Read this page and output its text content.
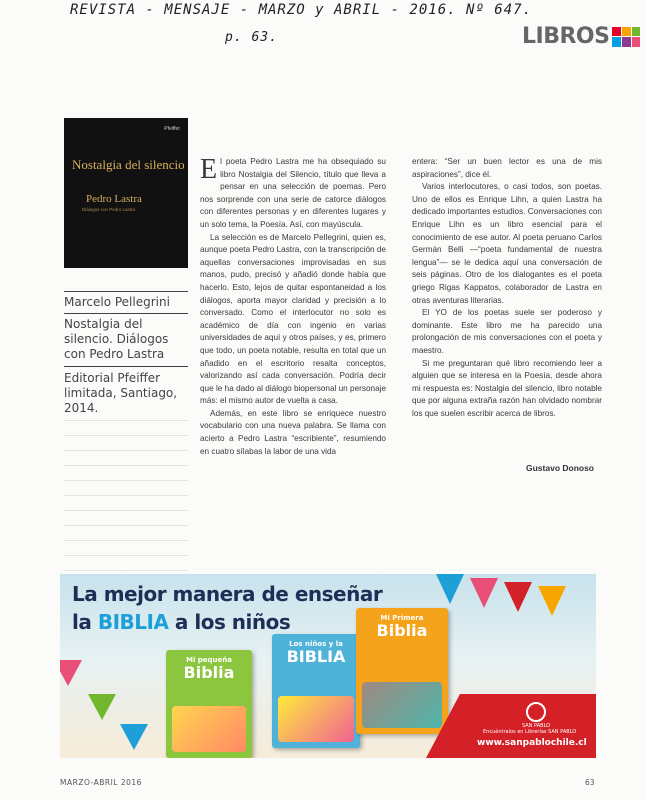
REVISTA - MENSAJE - MARZO y ABRIL - 2016. Nº 647.
p. 63.	LIBROS
Pfeiffer
Nostalgia del silencio
Pedro Lastra
Diálogos con Pedro Lastra
Marcelo Pellegrini
Nostalgia del silencio. Diálogos con Pedro Lastra
Editorial Pfeiffer limitada, Santiago, 2014.

El poeta Pedro Lastra me ha obsequiado su libro Nostalgia del Silencio, título que lleva a pensar en una selección de poemas. Pero nos sorprende con una serie de catorce diálogos con diferentes personas y en diferentes lugares y un solo tema, la Poesía. Así, con mayúscula.

La selección es de Marcelo Pellegrini, quien es, aunque poeta Pedro Lastra, con la transcripción de aquellas conversaciones improvisadas en sus manos, pudo, precisó y añadió donde había que hacerlo. Esto, lejos de quitar espontaneidad a los diálogos, aporta mayor claridad y precisión a lo conversado. Como el interlocutor no solo es académico de día con ingenio en varias universidades de aquí y otros países, y es, primero que todo, un poeta notable, resulta en total que un añadido en el escritorio resalta conceptos, valorizando así cada conversación. Podría decir que le ha dado al diálogo biopersonal un personaje más: el mismo autor de vuelta a casa.

Además, en este libro se enriquece nuestro vocabulario con una nueva palabra. Se llama con acierto a Pedro Lastra “escribiente”, resumiendo en cuatro sílabas la labor de una vida

entera: “Ser un buen lector es una de mis aspiraciones”, dice él.

Varios interlocutores, o casi todos, son poetas. Uno de ellos es Enrique Lihn, a quien Lastra ha dedicado importantes estudios. Conversaciones con Enrique Lihn es un libro esencial para el conocimiento de ese autor. Al poeta peruano Carlos Germán Belli —“poeta fundamental de nuestra lengua”— se le dedica aquí una conversación de seis páginas. Otro de los dialogantes es el poeta griego Rigas Kappatos, colaborador de Lastra en otras aventuras literarias.

El YO de los poetas suele ser poderoso y dominante. Este libro me ha parecido una prolongación de mis conversaciones con el poeta y maestro.

Si me preguntaran qué libro recomiendo leer a alguien que se interesa en la Poesía, desde ahora mi respuesta es: Nostalgia del silencio, libro notable que por alguna extraña razón han olvidado nombrar los que suelen escribir acerca de libros.

Gustavo Donoso
La mejor manera de enseñar
la BIBLIA a los niños
Mi pequeña
Biblia
Los niños y la
BIBLIA
Mi Primera
Biblia
SAN PABLO
Encuéntralos en Librerías SAN PABLO
www.sanpablochile.cl
MARZO-ABRIL 2016	63
